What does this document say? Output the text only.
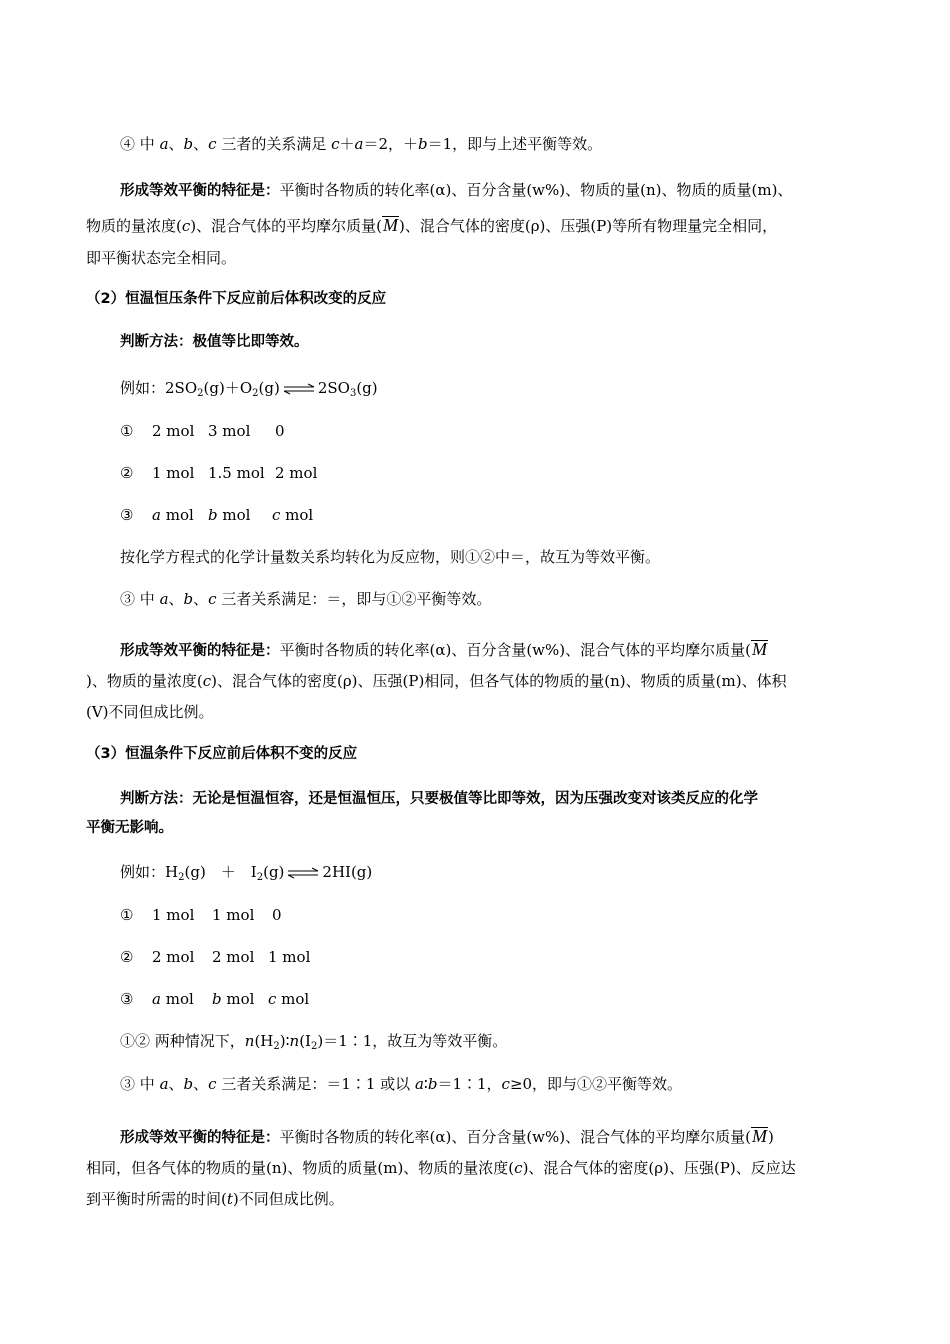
④ 中 a、b、c 三者的关系满足 c＋a＝2，＋b＝1，即与上述平衡等效。
形成等效平衡的特征是：平衡时各物质的转化率(α)、百分含量(w%)、物质的量(n)、物质的质量(m)、
物质的量浓度(c)、混合气体的平均摩尔质量(M)、混合气体的密度(ρ)、压强(P)等所有物理量完全相同，
即平衡状态完全相同。
（2）恒温恒压条件下反应前后体积改变的反应
判断方法：极值等比即等效。
例如：$2SO_2(g)+O_2(g)$ ⇌ $2SO_3(g)$
① 2 mol 3 mol 0
② 1 mol 1.5 mol 2 mol
③ a mol b mol c mol
按化学方程式的化学计量数关系均转化为反应物，则①②中＝，故互为等效平衡。
③ 中 a、b、c 三者关系满足：＝，即与①②平衡等效。
形成等效平衡的特征是：平衡时各物质的转化率(α)、百分含量(w%)、混合气体的平均摩尔质量(M
)、物质的量浓度(c)、混合气体的密度(ρ)、压强(P)相同，但各气体的物质的量(n)、物质的质量(m)、体积
(V)不同但成比例。
（3）恒温条件下反应前后体积不变的反应
判断方法：无论是恒温恒容，还是恒温恒压，只要极值等比即等效，因为压强改变对该类反应的化学
平衡无影响。
例如：$H_2(g)$　＋　$I_2(g)$ ⇌ 2HI(g)
① 1 mol 1 mol 0
② 2 mol 2 mol 1 mol
③ a mol b mol c mol
①② 两种情况下，$n(H_2)∶n(I_2)=1∶1$，故互为等效平衡。
③ 中 a、b、c 三者关系满足：＝1∶1 或以 a∶b＝1∶1，c≥0，即与①②平衡等效。
形成等效平衡的特征是：平衡时各物质的转化率(α)、百分含量(w%)、混合气体的平均摩尔质量(M)
相同，但各气体的物质的量(n)、物质的质量(m)、物质的量浓度(c)、混合气体的密度(ρ)、压强(P)、反应达
到平衡时所需的时间(t)不同但成比例。
